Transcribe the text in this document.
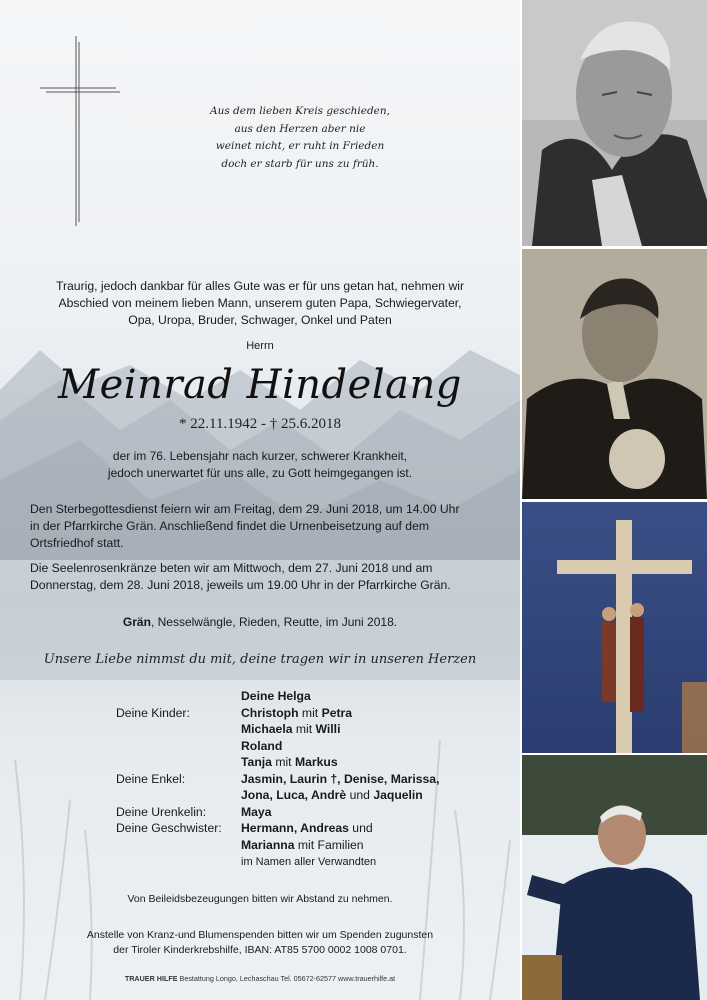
Aus dem lieben Kreis geschieden,
aus den Herzen aber nie
weinet nicht, er ruht in Frieden
doch er starb für uns zu früh.
Traurig, jedoch dankbar für alles Gute was er für uns getan hat, nehmen wir
Abschied von meinem lieben Mann, unserem guten Papa, Schwiegervater,
Opa, Uropa, Bruder, Schwager, Onkel und Paten
Herrn
Meinrad Hindelang
* 22.11.1942 - † 25.6.2018
der im 76. Lebensjahr nach kurzer, schwerer Krankheit,
jedoch unerwartet für uns alle, zu Gott heimgegangen ist.
Den Sterbegottesdienst feiern wir am Freitag, dem 29. Juni 2018, um 14.00 Uhr
in der Pfarrkirche Grän. Anschließend findet die Urnenbeisetzung auf dem
Ortsfriedhof statt.
Die Seelenrosenkränze beten wir am Mittwoch, dem 27. Juni 2018 und am
Donnerstag, dem 28. Juni 2018, jeweils um 19.00 Uhr in der Pfarrkirche Grän.
Grän, Nesselwängle, Rieden, Reutte, im Juni 2018.
Unsere Liebe nimmst du mit, deine tragen wir in unseren Herzen
Deine Helga
Deine Kinder:	Christoph mit Petra
Michaela mit Willi
Roland
Tanja mit Markus
Deine Enkel:	Jasmin, Laurin †, Denise, Marissa,
Jona, Luca, Andrè und Jaquelin
Deine Urenkelin:	Maya
Deine Geschwister:	Hermann, Andreas und
Marianna mit Familien
im Namen aller Verwandten
Von Beileidsbezeugungen bitten wir Abstand zu nehmen.
Anstelle von Kranz-und Blumenspenden bitten wir um Spenden zugunsten
der Tiroler Kinderkrebshilfe, IBAN: AT85 5700 0002 1008 0701.
TRAUER HILFE Bestattung Longo, Lechaschau Tel. 05672-62577 www.trauerhilfe.at
